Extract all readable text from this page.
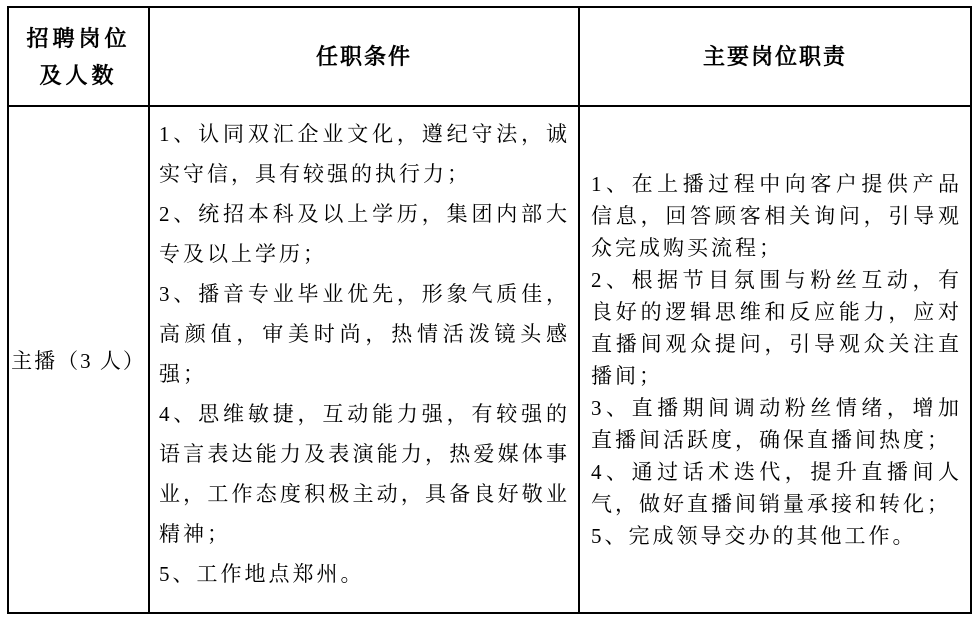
招聘岗位
及人数
任职条件	主要岗位职责
主播（3 人）

1、认同双汇企业文化，遵纪守法，诚实守信，具有较强的执行力；

2、统招本科及以上学历，集团内部大专及以上学历；

3、播音专业毕业优先，形象气质佳，高颜值，审美时尚，热情活泼镜头感强；

4、思维敏捷，互动能力强，有较强的语言表达能力及表演能力，热爱媒体事业，工作态度积极主动，具备良好敬业精神；

5、工作地点郑州。

1、在上播过程中向客户提供产品信息，回答顾客相关询问，引导观众完成购买流程；

2、根据节目氛围与粉丝互动，有良好的逻辑思维和反应能力，应对直播间观众提问，引导观众关注直播间；

3、直播期间调动粉丝情绪，增加直播间活跃度，确保直播间热度；

4、通过话术迭代，提升直播间人气，做好直播间销量承接和转化；

5、完成领导交办的其他工作。
